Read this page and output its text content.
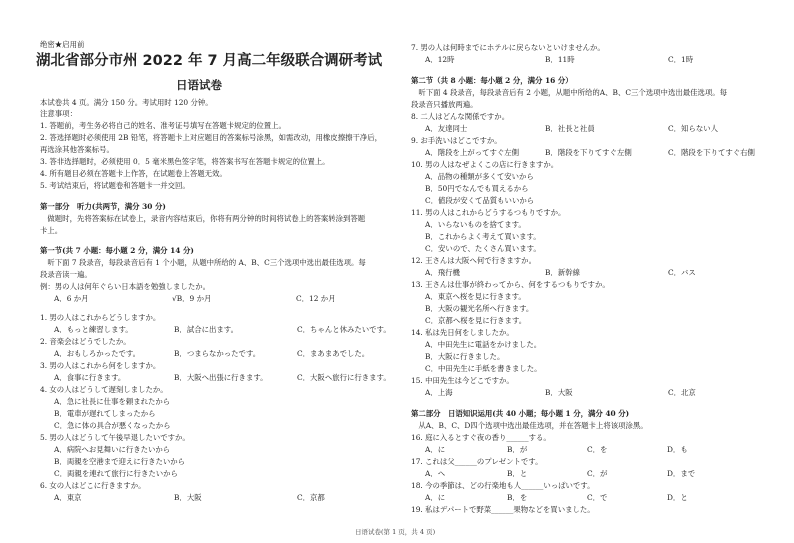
绝密★启用前
湖北省部分市州 2022 年 7 月高二年级联合调研考试
日语试卷
本试卷共 4 页。满分 150 分。考试用时 120 分钟。
注意事项：
1. 答题前，考生务必将自己的姓名、准考证号填写在答题卡规定的位置上。
2. 答选择题时必须使用 2B 铅笔，将答题卡上对应题目的答案标号涂黑，如需改动，用橡皮擦擦干净后，
再选涂其他答案标号。
3. 答非选择题时，必须使用 0．5 毫米黑色签字笔，将答案书写在答题卡规定的位置上。
4. 所有题目必须在答题卡上作答，在试题卷上答题无效。
5. 考试结束后，将试题卷和答题卡一并交回。
第一部分　听力(共两节，满分 30 分)
　做题时，先将答案标在试卷上，录音内容结束后，你将有两分钟的时间将试卷上的答案转涂到答题
卡上。
第一节(共 7 小题：每小题 2 分，满分 14 分)
　听下面 7 段录音，每段录音后有 1 个小题，从题中所给的 A、B、C三个选项中选出最佳选项。每
段录音读一遍。
例：男の人は何年ぐらい日本語を勉強しましたか。
A．6 か月	√B．9 か月	C．12 か月
1. 男の人はこれからどうしますか。
A．もっと練習します。	B．試合に出ます。	C．ちゃんと休みたいです。
2. 音楽会はどうでしたか。
A．おもしろかったです。	B．つまらなかったです。	C．まあまあでした。
3. 男の人はこれから何をしますか。
A．食事に行きます。	B．大阪へ出張に行きます。	C．大阪へ旅行に行きます。
4. 女の人はどうして遅刻しましたか。
A．急に社長に仕事を頼まれたから
B．電車が遅れてしまったから
C．急に体の具合が悪くなったから
5. 男の人はどうして午後早退したいですか。
A．病院へお見舞いに行きたいから
B．両親を空港まで迎えに行きたいから
C．両親を連れて旅行に行きたいから
6. 女の人はどこに行きますか。
A．東京	B．大阪	C．京都
7. 男の人は何時までにホテルに戻らないといけませんか。
A．12時	B．11時	C．1時
第二节（共 8 小题：每小题 2 分，满分 16 分）
　听下面 4 段录音，每段录音后有 2 小题，从题中所给的A、B、C三个选项中选出最佳选项。每
段录音只播放两遍。
8. 二人はどんな関係ですか。
A．友達同士	B．社長と社員	C．知らない人
9. お手洗いはどこですか。
A．階段を上がってすぐ左側	B．階段を下りてすぐ左側	C．階段を下りてすぐ右側
10. 男の人はなぜよくこの店に行きますか。
A．品物の種類が多くて安いから
B．50円でなんでも買えるから
C．値段が安くて品質もいいから
11. 男の人はこれからどうするつもりですか。
A．いらないものを捨てます。
B．これからよく考えて買います。
C．安いので、たくさん買います。
12. 王さんは大阪へ何で行きますか。
A．飛行機	B．新幹線	C．バス
13. 王さんは仕事が終わってから、何をするつもりですか。
A．東京へ桜を見に行きます。
B．大阪の観光名所へ行きます。
C．京都へ桜を見に行きます。
14. 私は先日何をしましたか。
A．中田先生に電話をかけました。
B．大阪に行きました。
C．中田先生に手紙を書きました。
15. 中田先生は今どこですか。
A．上海	B．大阪	C．北京
第二部分　日语知识运用(共 40 小题；每小题 1 分，满分 40 分)
　从A、B、C、D四个选项中选出最佳选项，并在答题卡上将该项涂黑。
16. 庭に入るとすぐ夜の香り______する。
A．に	B．が	C．を	D．も
17. これは父______のプレゼントです。
A．へ	B．と	C．が	D．まで
18. 今の季節は、どの行楽地も人______いっぱいです。
A．に	B．を	C．で	D．と
19. 私はデパートで野菜______果物などを買いました。
日语试卷(第 1 页，共 4 页)
